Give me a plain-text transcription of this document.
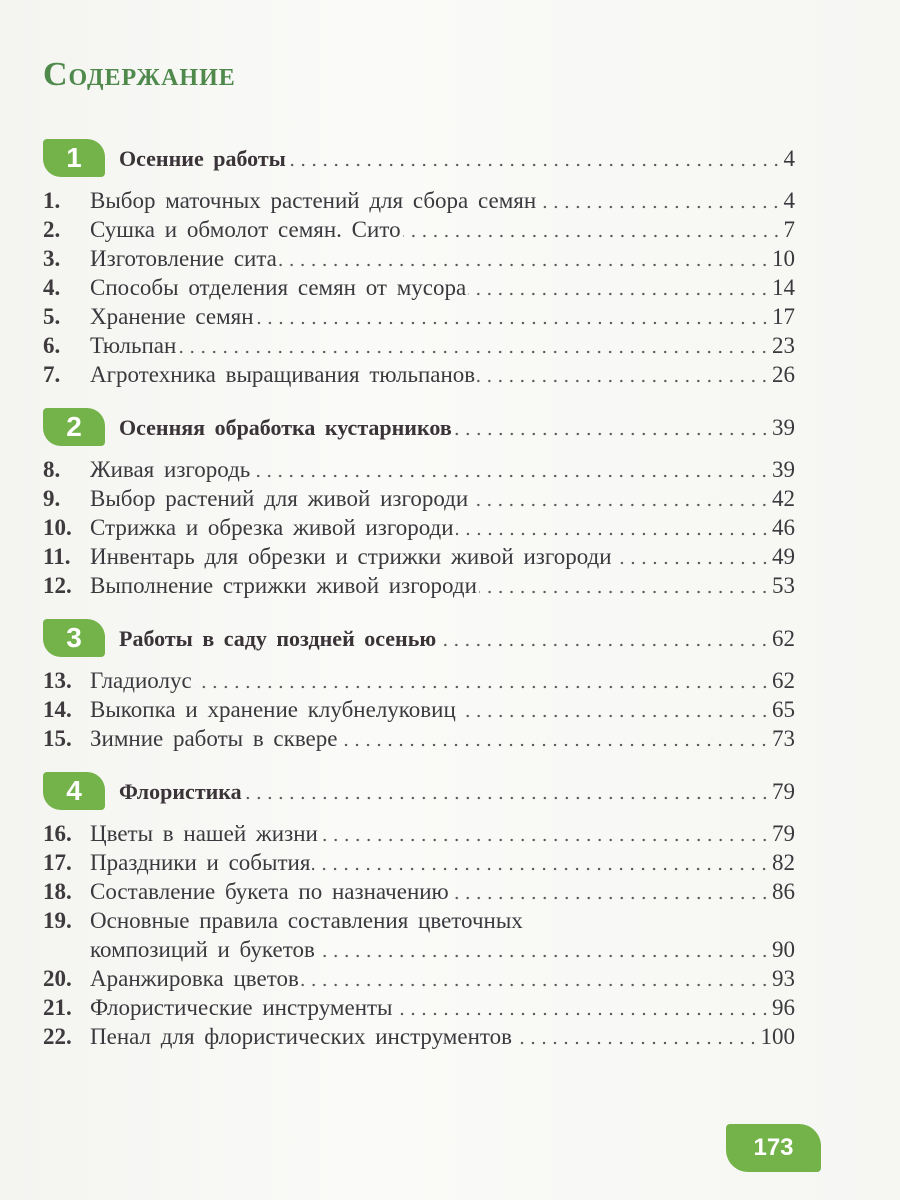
Содержание
1	Осенние работы	4
1.	Выбор маточных растений для сбора семян	4
2.	Сушка и обмолот семян. Сито	7
3.	Изготовление сита	10
4.	Способы отделения семян от мусора	14
5.	Хранение семян	17
6.	Тюльпан	23
7.	Агротехника выращивания тюльпанов	26
2	Осенняя обработка кустарников	39
8.	Живая изгородь	39
9.	Выбор растений для живой изгороди	42
10. Стрижка и обрезка живой изгороди	46
11. Инвентарь для обрезки и стрижки живой изгороди	49
12. Выполнение стрижки живой изгороди	53
3	Работы в саду поздней осенью	62
13. Гладиолус	62
14. Выкопка и хранение клубнелуковиц	65
15. Зимние работы в сквере	73
4	Флористика	79
16. Цветы в нашей жизни	79
17. Праздники и события	82
18. Составление букета по назначению	86
19. Основные правила составления цветочных
композиций и букетов	90
20. Аранжировка цветов	93
21. Флористические инструменты	96
22. Пенал для флористических инструментов	100
173
